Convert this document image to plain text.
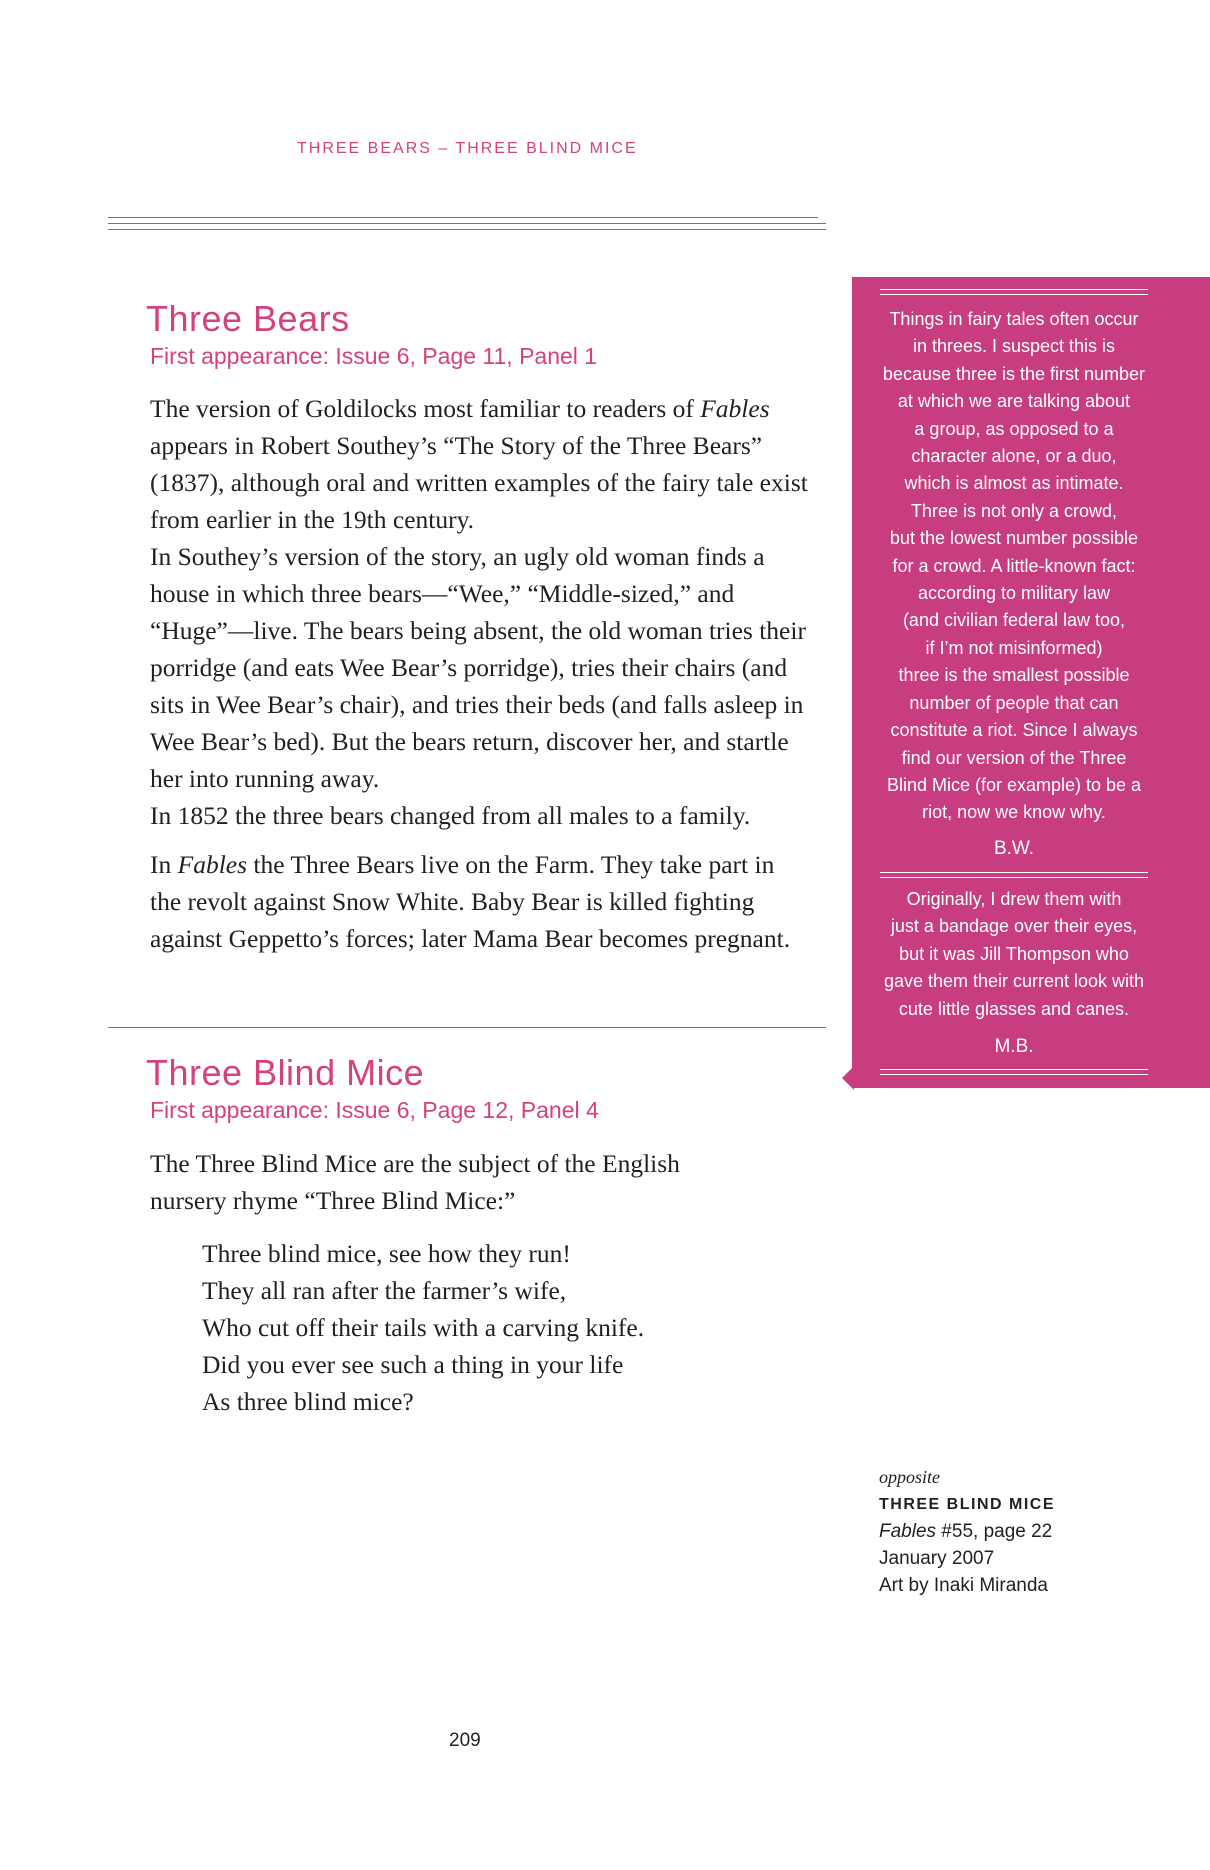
THREE BEARS – THREE BLIND MICE
Three Bears
First appearance: Issue 6, Page 11, Panel 1

The version of Goldilocks most familiar to readers of Fables appears in Robert Southey’s “The Story of the Three Bears” (1837), although oral and written examples of the fairy tale exist from earlier in the 19th century.

In Southey’s version of the story, an ugly old woman finds a house in which three bears—“Wee,” “Middle-sized,” and “Huge”—live. The bears being absent, the old woman tries their porridge (and eats Wee Bear’s porridge), tries their chairs (and sits in Wee Bear’s chair), and tries their beds (and falls asleep in Wee Bear’s bed). But the bears return, discover her, and startle her into running away.

In 1852 the three bears changed from all males to a family.

In Fables the Three Bears live on the Farm. They take part in the revolt against Snow White. Baby Bear is killed fighting against Geppetto’s forces; later Mama Bear becomes pregnant.

Three Blind Mice
First appearance: Issue 6, Page 12, Panel 4

The Three Blind Mice are the subject of the English nursery rhyme “Three Blind Mice:”

Three blind mice, see how they run!
They all ran after the farmer’s wife,
Who cut off their tails with a carving knife.
Did you ever see such a thing in your life
As three blind mice?
Things in fairy tales often occur
in threes. I suspect this is
because three is the first number
at which we are talking about
a group, as opposed to a
character alone, or a duo,
which is almost as intimate.
Three is not only a crowd,
but the lowest number possible
for a crowd. A little-known fact:
according to military law
(and civilian federal law too,
if I’m not misinformed)
three is the smallest possible
number of people that can
constitute a riot. Since I always
find our version of the Three
Blind Mice (for example) to be a
riot, now we know why.
B.W.
Originally, I drew them with
just a bandage over their eyes,
but it was Jill Thompson who
gave them their current look with
cute little glasses and canes.
M.B.
opposite
THREE BLIND MICE
Fables #55, page 22
January 2007
Art by Inaki Miranda
209
